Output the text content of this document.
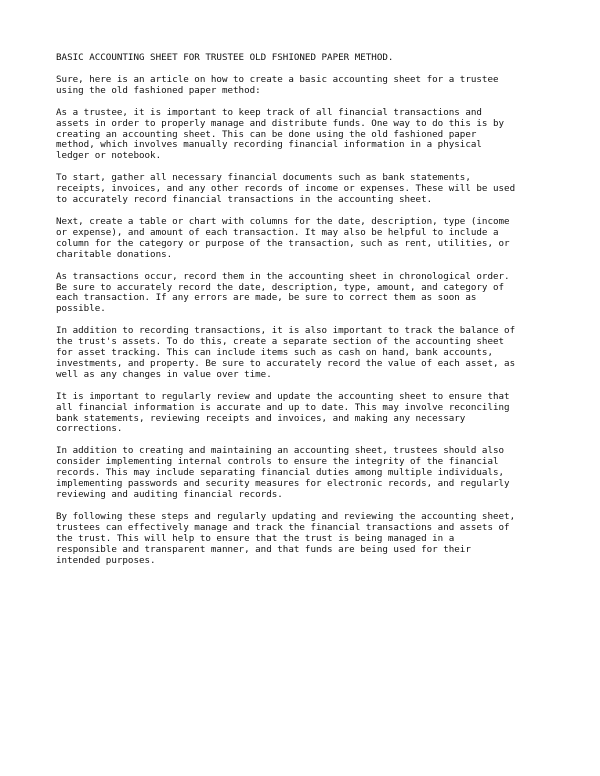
BASIC ACCOUNTING SHEET FOR TRUSTEE OLD FSHIONED PAPER METHOD.
Sure, here is an article on how to create a basic accounting sheet for a trustee
using the old fashioned paper method:
As a trustee, it is important to keep track of all financial transactions and
assets in order to properly manage and distribute funds. One way to do this is by
creating an accounting sheet. This can be done using the old fashioned paper
method, which involves manually recording financial information in a physical
ledger or notebook.
To start, gather all necessary financial documents such as bank statements,
receipts, invoices, and any other records of income or expenses. These will be used
to accurately record financial transactions in the accounting sheet.
Next, create a table or chart with columns for the date, description, type (income
or expense), and amount of each transaction. It may also be helpful to include a
column for the category or purpose of the transaction, such as rent, utilities, or
charitable donations.
As transactions occur, record them in the accounting sheet in chronological order.
Be sure to accurately record the date, description, type, amount, and category of
each transaction. If any errors are made, be sure to correct them as soon as
possible.
In addition to recording transactions, it is also important to track the balance of
the trust's assets. To do this, create a separate section of the accounting sheet
for asset tracking. This can include items such as cash on hand, bank accounts,
investments, and property. Be sure to accurately record the value of each asset, as
well as any changes in value over time.
It is important to regularly review and update the accounting sheet to ensure that
all financial information is accurate and up to date. This may involve reconciling
bank statements, reviewing receipts and invoices, and making any necessary
corrections.
In addition to creating and maintaining an accounting sheet, trustees should also
consider implementing internal controls to ensure the integrity of the financial
records. This may include separating financial duties among multiple individuals,
implementing passwords and security measures for electronic records, and regularly
reviewing and auditing financial records.
By following these steps and regularly updating and reviewing the accounting sheet,
trustees can effectively manage and track the financial transactions and assets of
the trust. This will help to ensure that the trust is being managed in a
responsible and transparent manner, and that funds are being used for their
intended purposes.
